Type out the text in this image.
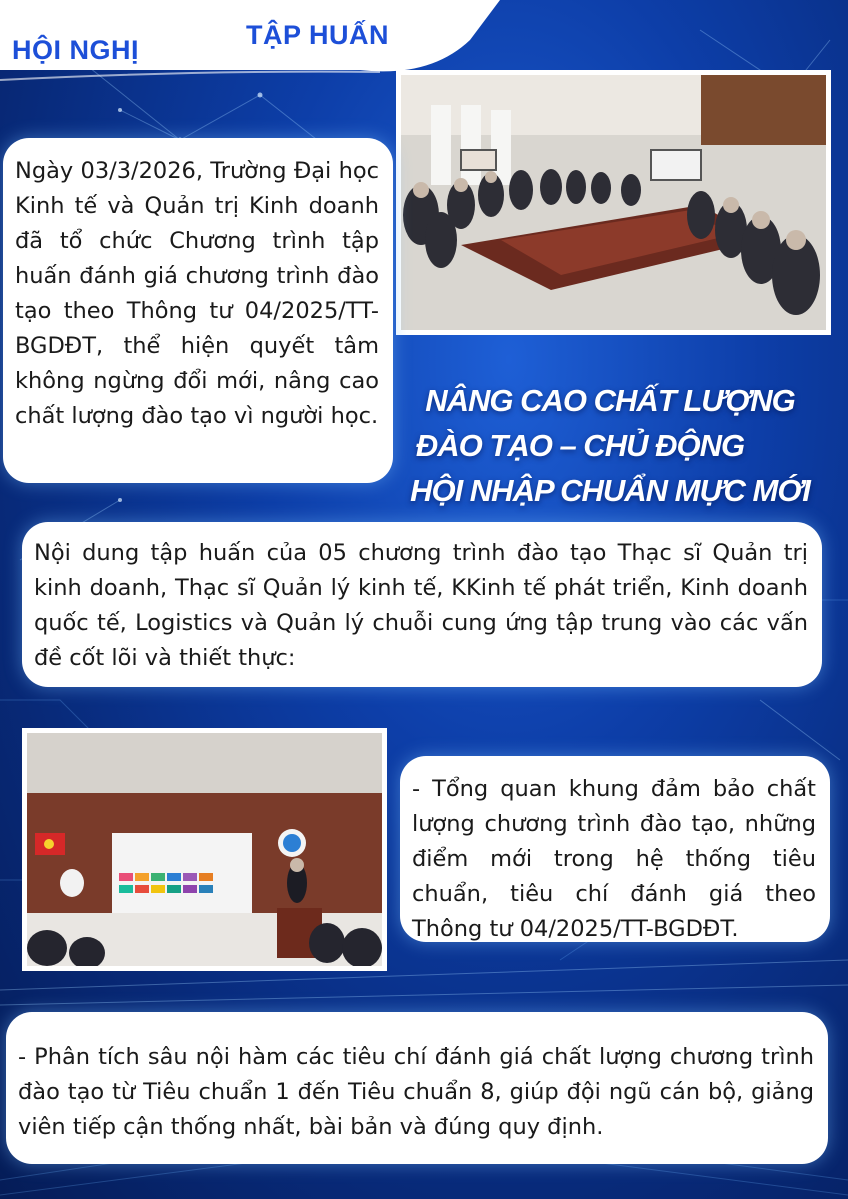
HỘI NGHỊ	TẬP HUẤN
Ngày 03/3/2026, Trường Đại học Kinh tế và Quản trị Kinh doanh đã tổ chức Chương trình tập huấn đánh giá chương trình đào tạo theo Thông tư 04/2025/TT-BGDĐT, thể hiện quyết tâm không ngừng đổi mới, nâng cao chất lượng đào tạo vì người học.	NÂNG CAO CHẤT LƯỢNG
ĐÀO TẠO – CHỦ ĐỘNG
HỘI NHẬP CHUẨN MỰC MỚI
Nội dung tập huấn của 05 chương trình đào tạo Thạc sĩ Quản trị kinh doanh, Thạc sĩ Quản lý kinh tế, KKinh tế phát triển, Kinh doanh quốc tế, Logistics và Quản lý chuỗi cung ứng tập trung vào các vấn đề cốt lõi và thiết thực:
- Tổng quan khung đảm bảo chất lượng chương trình đào tạo, những điểm mới trong hệ thống tiêu chuẩn, tiêu chí đánh giá theo Thông tư 04/2025/TT-BGDĐT.
- Phân tích sâu nội hàm các tiêu chí đánh giá chất lượng chương trình đào tạo từ Tiêu chuẩn 1 đến Tiêu chuẩn 8, giúp đội ngũ cán bộ, giảng viên tiếp cận thống nhất, bài bản và đúng quy định.
